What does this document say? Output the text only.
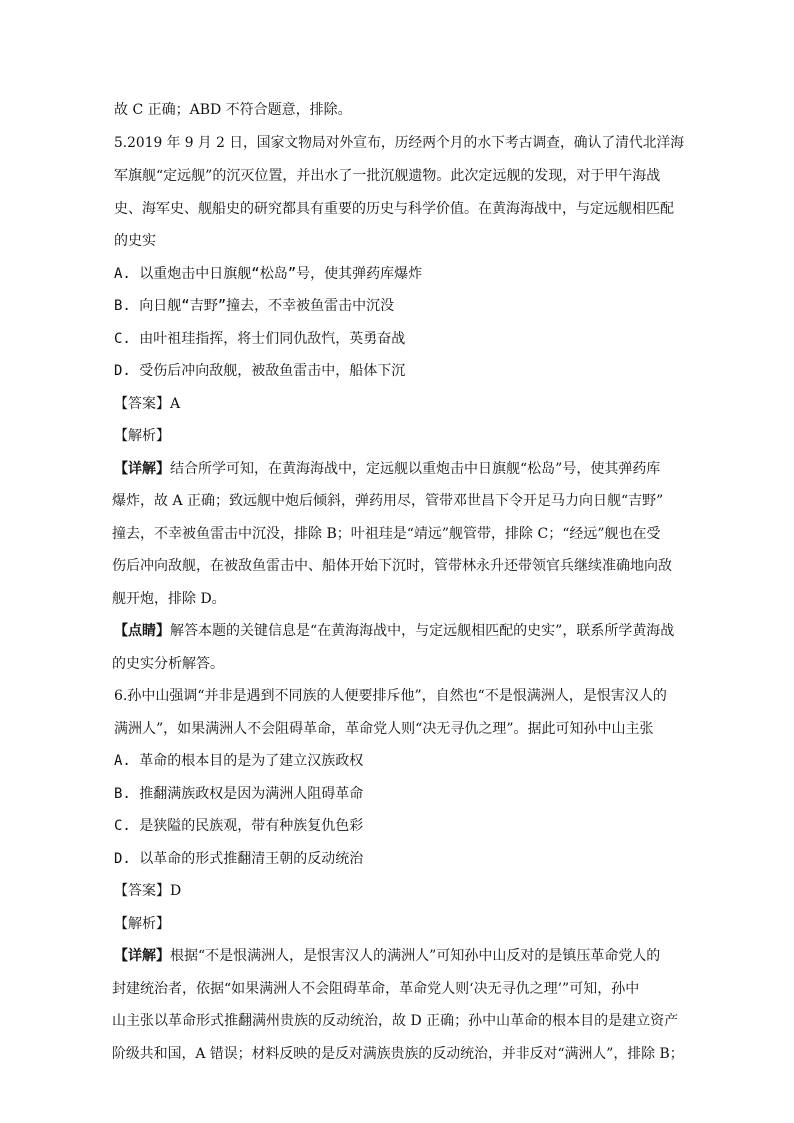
故 C 正确；ABD 不符合题意，排除。
5.2019 年 9 月 2 日，国家文物局对外宣布，历经两个月的水下考古调查，确认了清代北洋海
军旗舰“定远舰”的沉灭位置，并出水了一批沉舰遗物。此次定远舰的发现，对于甲午海战
史、海军史、舰船史的研究都具有重要的历史与科学价值。在黄海海战中，与定远舰相匹配
的史实
A. 以重炮击中日旗舰“松岛”号，使其弹药库爆炸
B. 向日舰“吉野”撞去，不幸被鱼雷击中沉没
C. 由叶祖珪指挥，将士们同仇敌忾，英勇奋战
D. 受伤后冲向敌舰，被敌鱼雷击中，船体下沉
【答案】A
【解析】
【详解】结合所学可知，在黄海海战中，定远舰以重炮击中日旗舰“松岛”号，使其弹药库
爆炸，故 A 正确；致远舰中炮后倾斜，弹药用尽，管带邓世昌下令开足马力向日舰“吉野”
撞去，不幸被鱼雷击中沉没，排除 B；叶祖珪是“靖远”舰管带，排除 C；“经远”舰也在受
伤后冲向敌舰，在被敌鱼雷击中、船体开始下沉时，管带林永升还带领官兵继续准确地向敌
舰开炮，排除 D。
【点睛】解答本题的关键信息是“在黄海海战中，与定远舰相匹配的史实”，联系所学黄海战
的史实分析解答。
6.孙中山强调“并非是遇到不同族的人便要排斥他”，自然也“不是恨满洲人，是恨害汉人的
满洲人”，如果满洲人不会阻碍革命，革命党人则“决无寻仇之理”。据此可知孙中山主张
A. 革命的根本目的是为了建立汉族政权
B. 推翻满族政权是因为满洲人阻碍革命
C. 是狭隘的民族观，带有种族复仇色彩
D. 以革命的形式推翻清王朝的反动统治
【答案】D
【解析】
【详解】根据“不是恨满洲人，是恨害汉人的满洲人”可知孙中山反对的是镇压革命党人的
封建统治者，依据“如果满洲人不会阻碍革命，革命党人则‘决无寻仇之理’”可知，孙中
山主张以革命形式推翻满州贵族的反动统治，故 D 正确；孙中山革命的根本目的是建立资产
阶级共和国，A 错误；材料反映的是反对满族贵族的反动统治，并非反对“满洲人”，排除 B；
